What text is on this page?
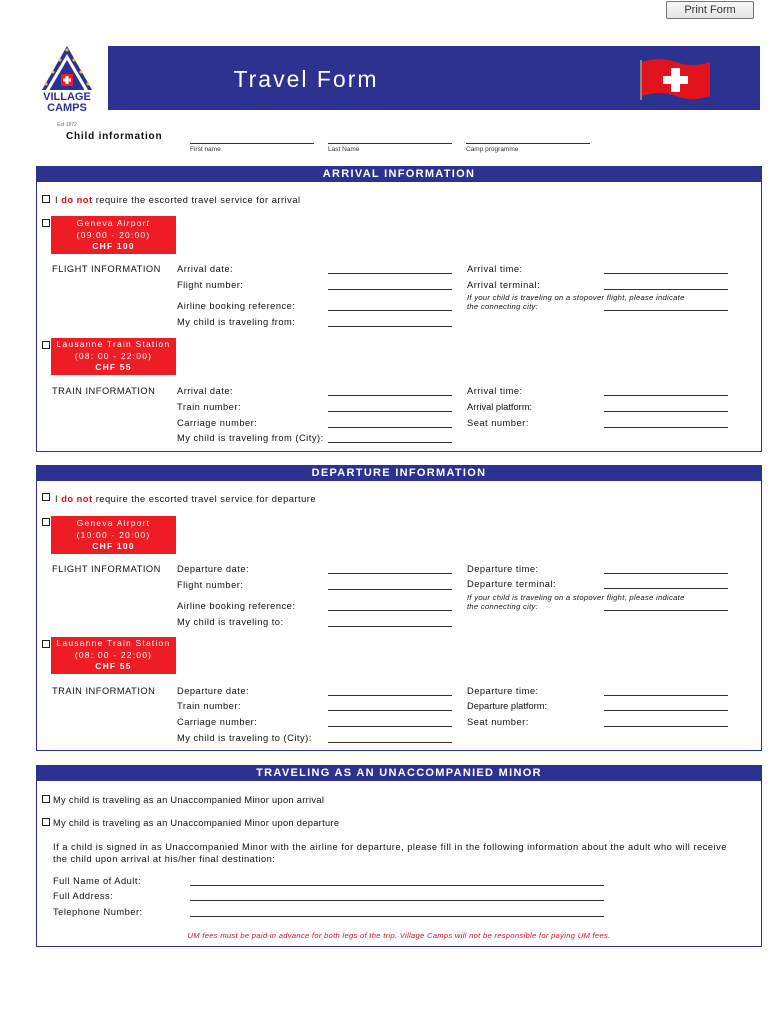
Print Form
VILLAGE
CAMPS
Est 1972
Travel Form
Child information
First name	Last Name	Camp programme
ARRIVAL INFORMATION
I do not require the escorted travel service for arrival
Geneva Airport
(09:00 - 20:00)
CHF 100
FLIGHT INFORMATION Arrival date:
Flight number:
Airline booking reference:
My child is traveling from:
Arrival time:
Arrival terminal:
If your child is traveling on a stopover flight, please indicate
the connecting city:
Lausanne Train Station
(08: 00 - 22:00)
CHF 55
TRAIN INFORMATION Arrival date:
Train number:
Carriage number:
My child is traveling from (City):
Arrival time:
Arrival platform:
Seat number:
DEPARTURE INFORMATION
I do not require the escorted travel service for departure
Geneva Airport
(10:00 - 20:00)
CHF 100
FLIGHT INFORMATION Departure date:
Flight number:
Airline booking reference:
My child is traveling to:
Departure time:
Departure terminal:
If your child is traveling on a stopover flight, please indicate
the connecting city:
Lausanne Train Station
(08: 00 - 22:00)
CHF 55
TRAIN INFORMATION Departure date:
Train number:
Carriage number:
My child is traveling to (City):
Departure time:
Departure platform:
Seat number:
TRAVELING AS AN UNACCOMPANIED MINOR
My child is traveling as an Unaccompanied Minor upon arrival
My child is traveling as an Unaccompanied Minor upon departure
If a child is signed in as Unaccompanied Minor with the airline for departure, please fill in the following information about the adult who will receive
the child upon arrival at his/her final destination:
Full Name of Adult:
Full Address:
Telephone Number:
UM fees must be paid in advance for both legs of the trip. Village Camps will not be responsible for paying UM fees.
